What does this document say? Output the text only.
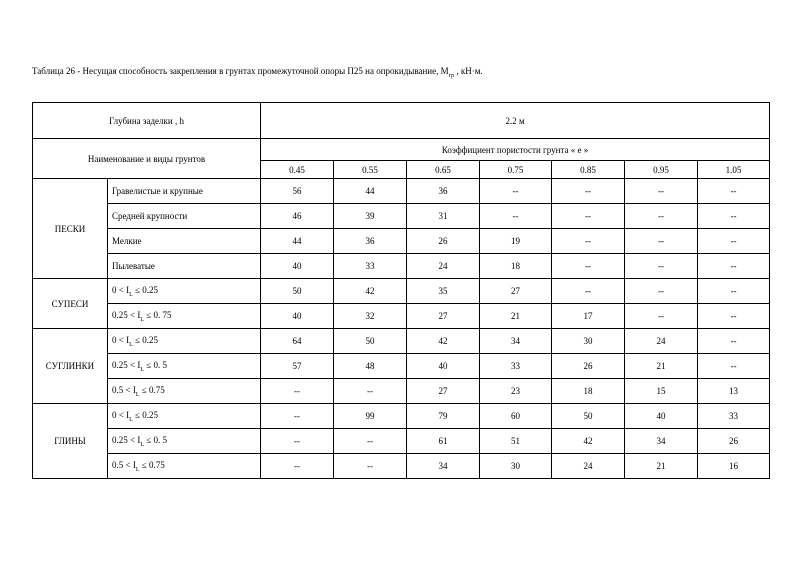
Таблица 26 - Несущая способность закрепления в грунтах промежуточной опоры П25 на опрокидывание, $М_{гр}$ , кН·м.
Глубина заделки , h		2.2 м						
Наименование и виды грунтов		Коэффициент пористости грунта « е »						
		0.45	0.55	0.65	0.75	0.85	0.95	1.05
ПЕСКИ	Гравелистые и крупные	56	44	36	--	--	--	--
	Средней крупности	46	39	31	--	--	--	--
	Мелкие	44	36	26	19	--	--	--
	Пылеватые	40	33	24	18	--	--	--
СУПЕСИ	$0 < I_L \le 0.25$	50	42	35	27	--	--	--
	$0.25 < I_L \le 0$. 75	40	32	27	21	17	--	--
СУГЛИНКИ	$0 < I_L \le 0.25$	64	50	42	34	30	24	--
	$0.25 < I_L \le 0$. 5	57	48	40	33	26	21	--
	$0.5 < I_L \le 0.75$	--	--	27	23	18	15	13
ГЛИНЫ	$0 < I_L \le 0.25$	--	99	79	60	50	40	33
	$0.25 < I_L \le 0$. 5	--	--	61	51	42	34	26
	$0.5 < I_L \le 0.75$	--	--	34	30	24	21	16
